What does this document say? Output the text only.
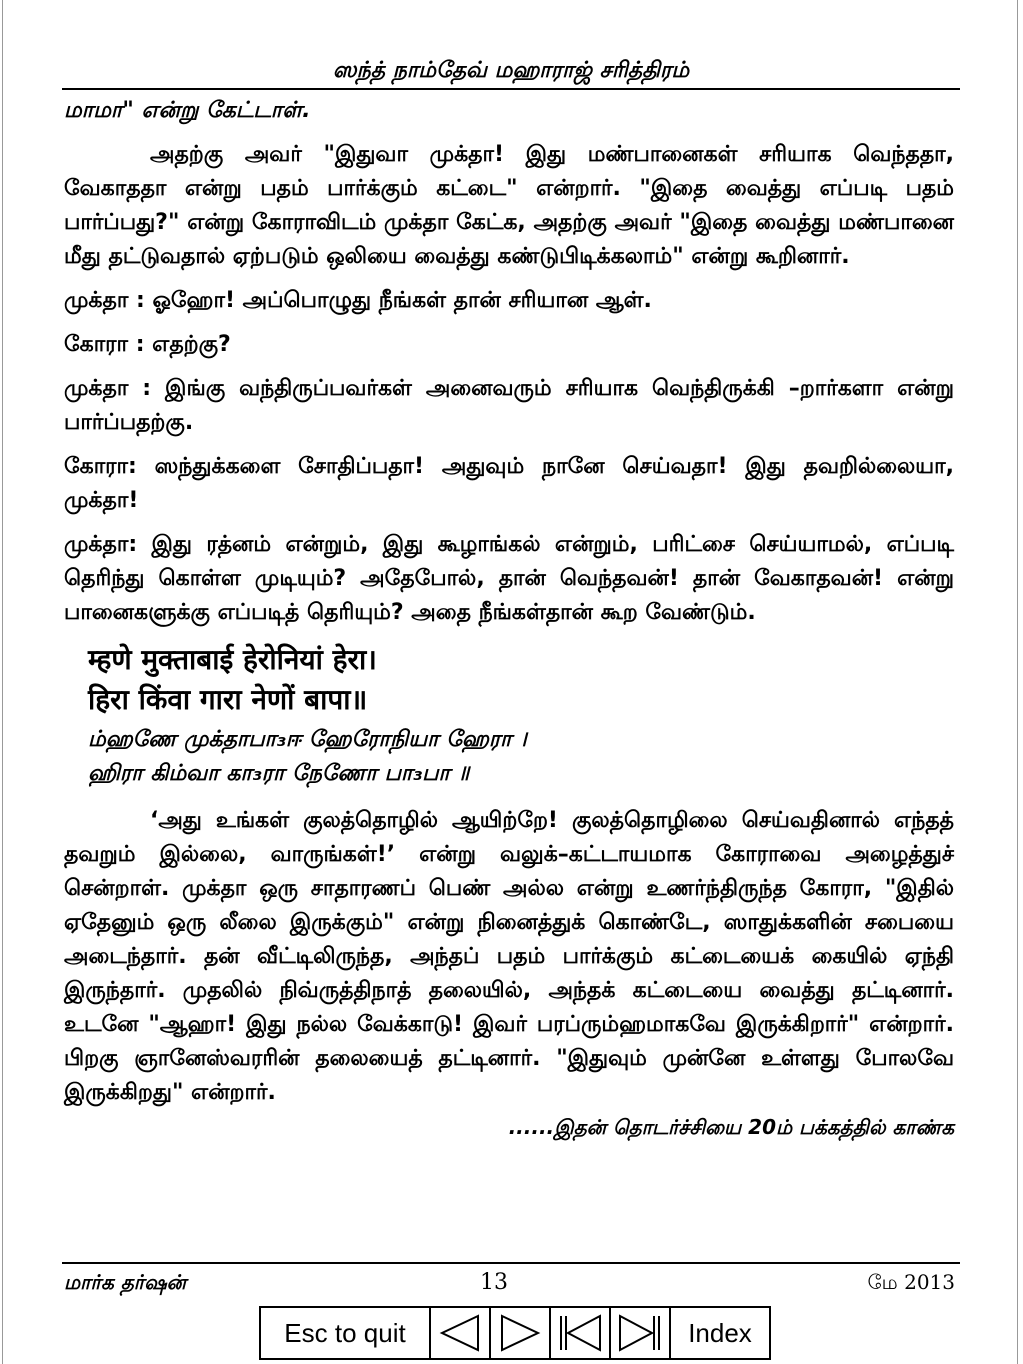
ஸந்த் நாம்தேவ் மஹாராஜ் சரித்திரம்

மாமா" என்று கேட்டாள்.

அதற்கு அவர் "இதுவா முக்தா! இது மண்பானைகள் சரியாக வெந்ததா, வேகாததா என்று பதம் பார்க்கும் கட்டை" என்றார். "இதை வைத்து எப்படி பதம் பார்ப்பது?" என்று கோராவிடம் முக்தா கேட்க, அதற்கு அவர் "இதை வைத்து மண்பானை மீது தட்டுவதால் ஏற்படும் ஒலியை வைத்து கண்டுபிடிக்கலாம்" என்று கூறினார்.

முக்தா : ஓஹோ! அப்பொழுது நீங்கள் தான் சரியான ஆள்.

கோரா : எதற்கு?

முக்தா : இங்கு வந்திருப்பவர்கள் அனைவரும் சரியாக வெந்திருக்கி –றார்களா என்று பார்ப்பதற்கு.

கோரா: ஸந்துக்களை சோதிப்பதா! அதுவும் நானே செய்வதா! இது தவறில்லையா, முக்தா!

முக்தா: இது ரத்னம் என்றும், இது கூழாங்கல் என்றும், பரிட்சை செய்யாமல், எப்படி தெரிந்து கொள்ள முடியும்? அதேபோல், தான் வெந்தவன்! தான் வேகாதவன்! என்று பானைகளுக்கு எப்படித் தெரியும்? அதை நீங்கள்தான் கூற வேண்டும்.

म्हणे मुक्ताबाई हेरोनियां हेरा।
हिरा किंवा गारा नेणों बापा॥
ம்ஹணே முக்தாபா₃ஈ ஹேரோநியா ஹேரா ।
ஹிரா கிம்வா கா₃ரா நேணோ பா₃பா ॥

‘அது உங்கள் குலத்தொழில் ஆயிற்றே! குலத்தொழிலை செய்வதினால் எந்தத் தவறும் இல்லை, வாருங்கள்!’ என்று வலுக்–கட்டாயமாக கோராவை அழைத்துச் சென்றாள். முக்தா ஒரு சாதாரணப் பெண் அல்ல என்று உணர்ந்திருந்த கோரா, "இதில் ஏதேனும் ஒரு லீலை இருக்கும்" என்று நினைத்துக் கொண்டே, ஸாதுக்களின் சபையை அடைந்தார். தன் வீட்டிலிருந்த, அந்தப் பதம் பார்க்கும் கட்டையைக் கையில் ஏந்தி இருந்தார். முதலில் நிவ்ருத்திநாத் தலையில், அந்தக் கட்டையை வைத்து தட்டினார். உடனே "ஆஹா! இது நல்ல வேக்காடு! இவர் பரப்ரும்ஹமாகவே இருக்கிறார்" என்றார். பிறகு ஞானேஸ்வரரின் தலையைத் தட்டினார். "இதுவும் முன்னே உள்ளது போலவே இருக்கிறது" என்றார்.

......இதன் தொடர்ச்சியை 20ம் பக்கத்தில் காண்க
மார்க தர்ஷன்	13	மே 2013
Esc to quit	Index
